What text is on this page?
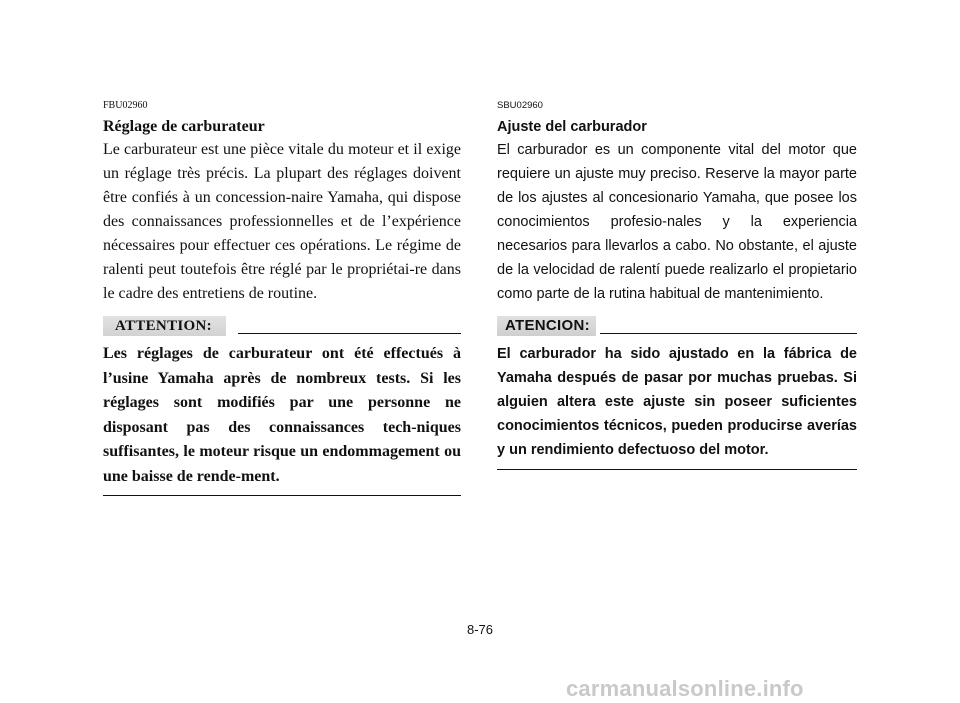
FBU02960
Réglage de carburateur

Le carburateur est une pièce vitale du moteur et il exige un réglage très précis. La plupart des réglages doivent être confiés à un concession-naire Yamaha, qui dispose des connaissances professionnelles et de l’expérience nécessaires pour effectuer ces opérations. Le régime de ralenti peut toutefois être réglé par le propriétai-re dans le cadre des entretiens de routine.

ATTENTION:

Les réglages de carburateur ont été effectués à l’usine Yamaha après de nombreux tests. Si les réglages sont modifiés par une personne ne disposant pas des connaissances tech-niques suffisantes, le moteur risque un endommagement ou une baisse de rende-ment.

SBU02960
Ajuste del carburador

El carburador es un componente vital del motor que requiere un ajuste muy preciso. Reserve la mayor parte de los ajustes al concesionario Yamaha, que posee los conocimientos profesio-nales y la experiencia necesarios para llevarlos a cabo. No obstante, el ajuste de la velocidad de ralentí puede realizarlo el propietario como parte de la rutina habitual de mantenimiento.

ATENCION:

El carburador ha sido ajustado en la fábrica de Yamaha después de pasar por muchas pruebas. Si alguien altera este ajuste sin poseer suficientes conocimientos técnicos, pueden producirse averías y un rendimiento defectuoso del motor.

8-76
carmanualsonline.info
